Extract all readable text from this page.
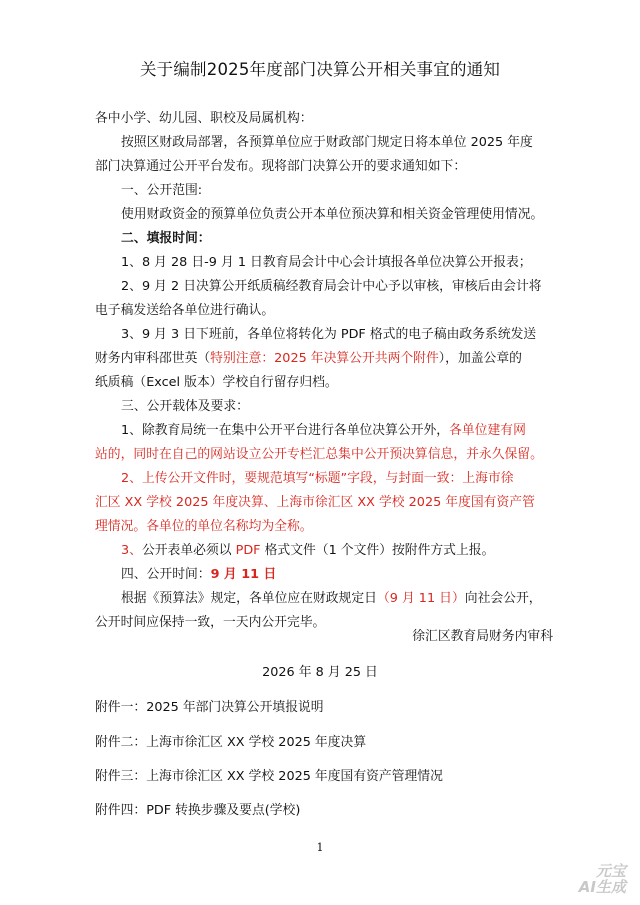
关于编制2025年度部门决算公开相关事宜的通知
各中小学、幼儿园、职校及局属机构：
按照区财政局部署，各预算单位应于财政部门规定日将本单位 2025 年度
部门决算通过公开平台发布。现将部门决算公开的要求通知如下：
一、公开范围:
使用财政资金的预算单位负责公开本单位预决算和相关资金管理使用情况。
二、填报时间：
1、8 月 28 日-9 月 1 日教育局会计中心会计填报各单位决算公开报表；
2、9 月 2 日决算公开纸质稿经教育局会计中心予以审核，审核后由会计将
电子稿发送给各单位进行确认。
3、9 月 3 日下班前，各单位将转化为 PDF 格式的电子稿由政务系统发送
财务内审科邵世英（特别注意：2025 年决算公开共两个附件），加盖公章的
纸质稿（Excel 版本）学校自行留存归档。
三、公开载体及要求：
1、除教育局统一在集中公开平台进行各单位决算公开外，各单位建有网
站的，同时在自己的网站设立公开专栏汇总集中公开预决算信息，并永久保留。
2、上传公开文件时，要规范填写“标题”字段，与封面一致：上海市徐
汇区 XX 学校 2025 年度决算、上海市徐汇区 XX 学校 2025 年度国有资产管
理情况。各单位的单位名称均为全称。
3、公开表单必须以 PDF 格式文件（1 个文件）按附件方式上报。
四、公开时间：9 月 11 日
根据《预算法》规定，各单位应在财政规定日（9 月 11 日）向社会公开，
公开时间应保持一致，一天内公开完毕。
徐汇区教育局财务内审科
2026 年 8 月 25 日
附件一：2025 年部门决算公开填报说明
附件二：上海市徐汇区 XX 学校 2025 年度决算
附件三：上海市徐汇区 XX 学校 2025 年度国有资产管理情况
附件四：PDF 转换步骤及要点(学校)
1
元宝
AI生成
